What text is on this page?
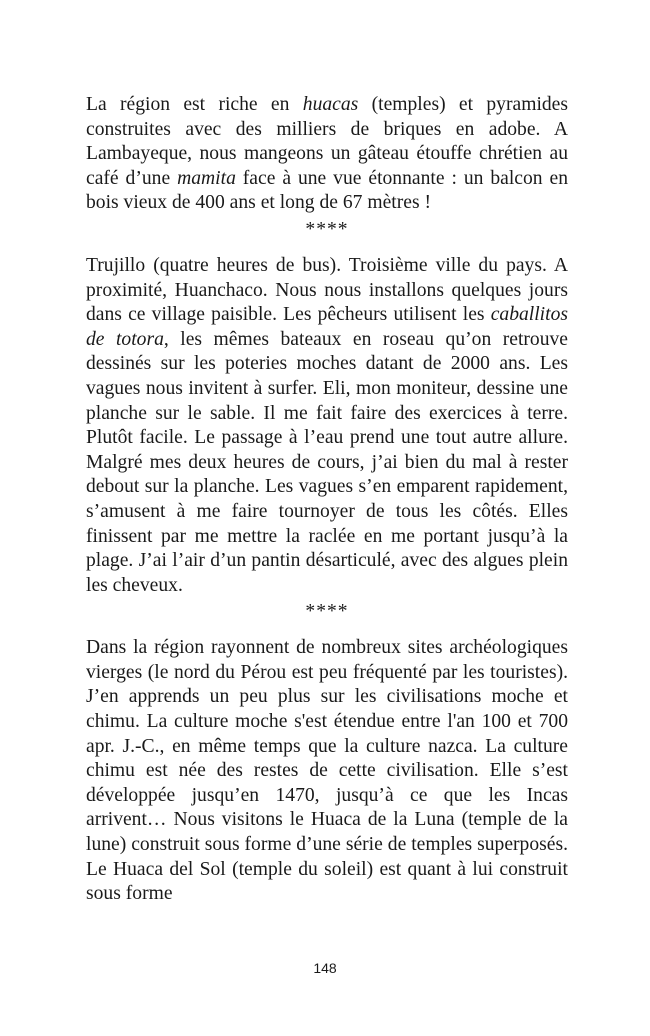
La région est riche en huacas (temples) et pyramides construites avec des milliers de briques en adobe. A Lambayeque, nous mangeons un gâteau étouffe chrétien au café d’une mamita face à une vue étonnante : un balcon en bois vieux de 400 ans et long de 67 mètres !

****

Trujillo (quatre heures de bus). Troisième ville du pays. A proximité, Huanchaco. Nous nous installons quelques jours dans ce village paisible. Les pêcheurs utilisent les caballitos de totora, les mêmes bateaux en roseau qu’on retrouve dessinés sur les poteries moches datant de 2000 ans. Les vagues nous invitent à surfer. Eli, mon moniteur, dessine une planche sur le sable. Il me fait faire des exercices à terre. Plutôt facile. Le passage à l’eau prend une tout autre allure. Malgré mes deux heures de cours, j’ai bien du mal à rester debout sur la planche. Les vagues s’en emparent rapidement, s’amusent à me faire tournoyer de tous les côtés. Elles finissent par me mettre la raclée en me portant jusqu’à la plage. J’ai l’air d’un pantin désarticulé, avec des algues plein les cheveux.

****

Dans la région rayonnent de nombreux sites archéologiques vierges (le nord du Pérou est peu fréquenté par les touristes). J’en apprends un peu plus sur les civilisations moche et chimu. La culture moche s'est étendue entre l'an 100 et 700 apr. J.-C., en même temps que la culture nazca. La culture chimu est née des restes de cette civilisation. Elle s’est développée jusqu’en 1470, jusqu’à ce que les Incas arrivent… Nous visitons le Huaca de la Luna (temple de la lune) construit sous forme d’une série de temples superposés. Le Huaca del Sol (temple du soleil) est quant à lui construit sous forme

148
